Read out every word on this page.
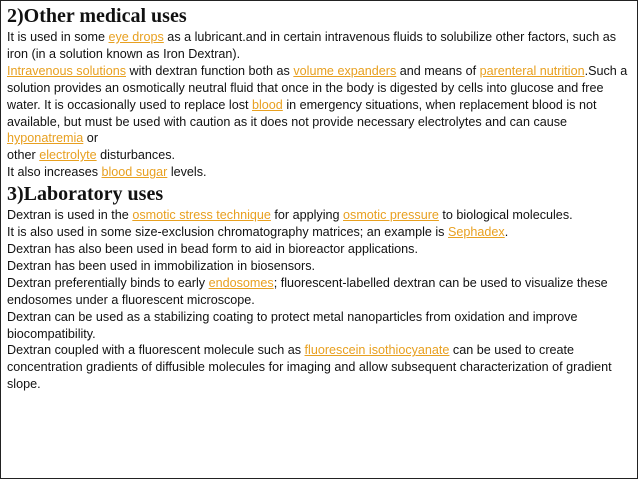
2)Other medical uses

It is used in some eye drops as a lubricant.and in certain intravenous fluids to solubilize other factors, such as iron (in a solution known as Iron Dextran).

Intravenous solutions with dextran function both as volume expanders and means of parenteral nutrition.Such a solution provides an osmotically neutral fluid that once in the body is digested by cells into glucose and free water. It is occasionally used to replace lost blood in emergency situations, when replacement blood is not available, but must be used with caution as it does not provide necessary electrolytes and can cause hyponatremia or

other electrolyte disturbances.

It also increases blood sugar levels.

3)Laboratory uses

Dextran is used in the osmotic stress technique for applying osmotic pressure to biological molecules.

It is also used in some size-exclusion chromatography matrices; an example is Sephadex.

Dextran has also been used in bead form to aid in bioreactor applications.

Dextran has been used in immobilization in biosensors.

Dextran preferentially binds to early endosomes; fluorescent-labelled dextran can be used to visualize these endosomes under a fluorescent microscope.

Dextran can be used as a stabilizing coating to protect metal nanoparticles from oxidation and improve biocompatibility.

Dextran coupled with a fluorescent molecule such as fluorescein isothiocyanate can be used to create concentration gradients of diffusible molecules for imaging and allow subsequent characterization of gradient slope.
